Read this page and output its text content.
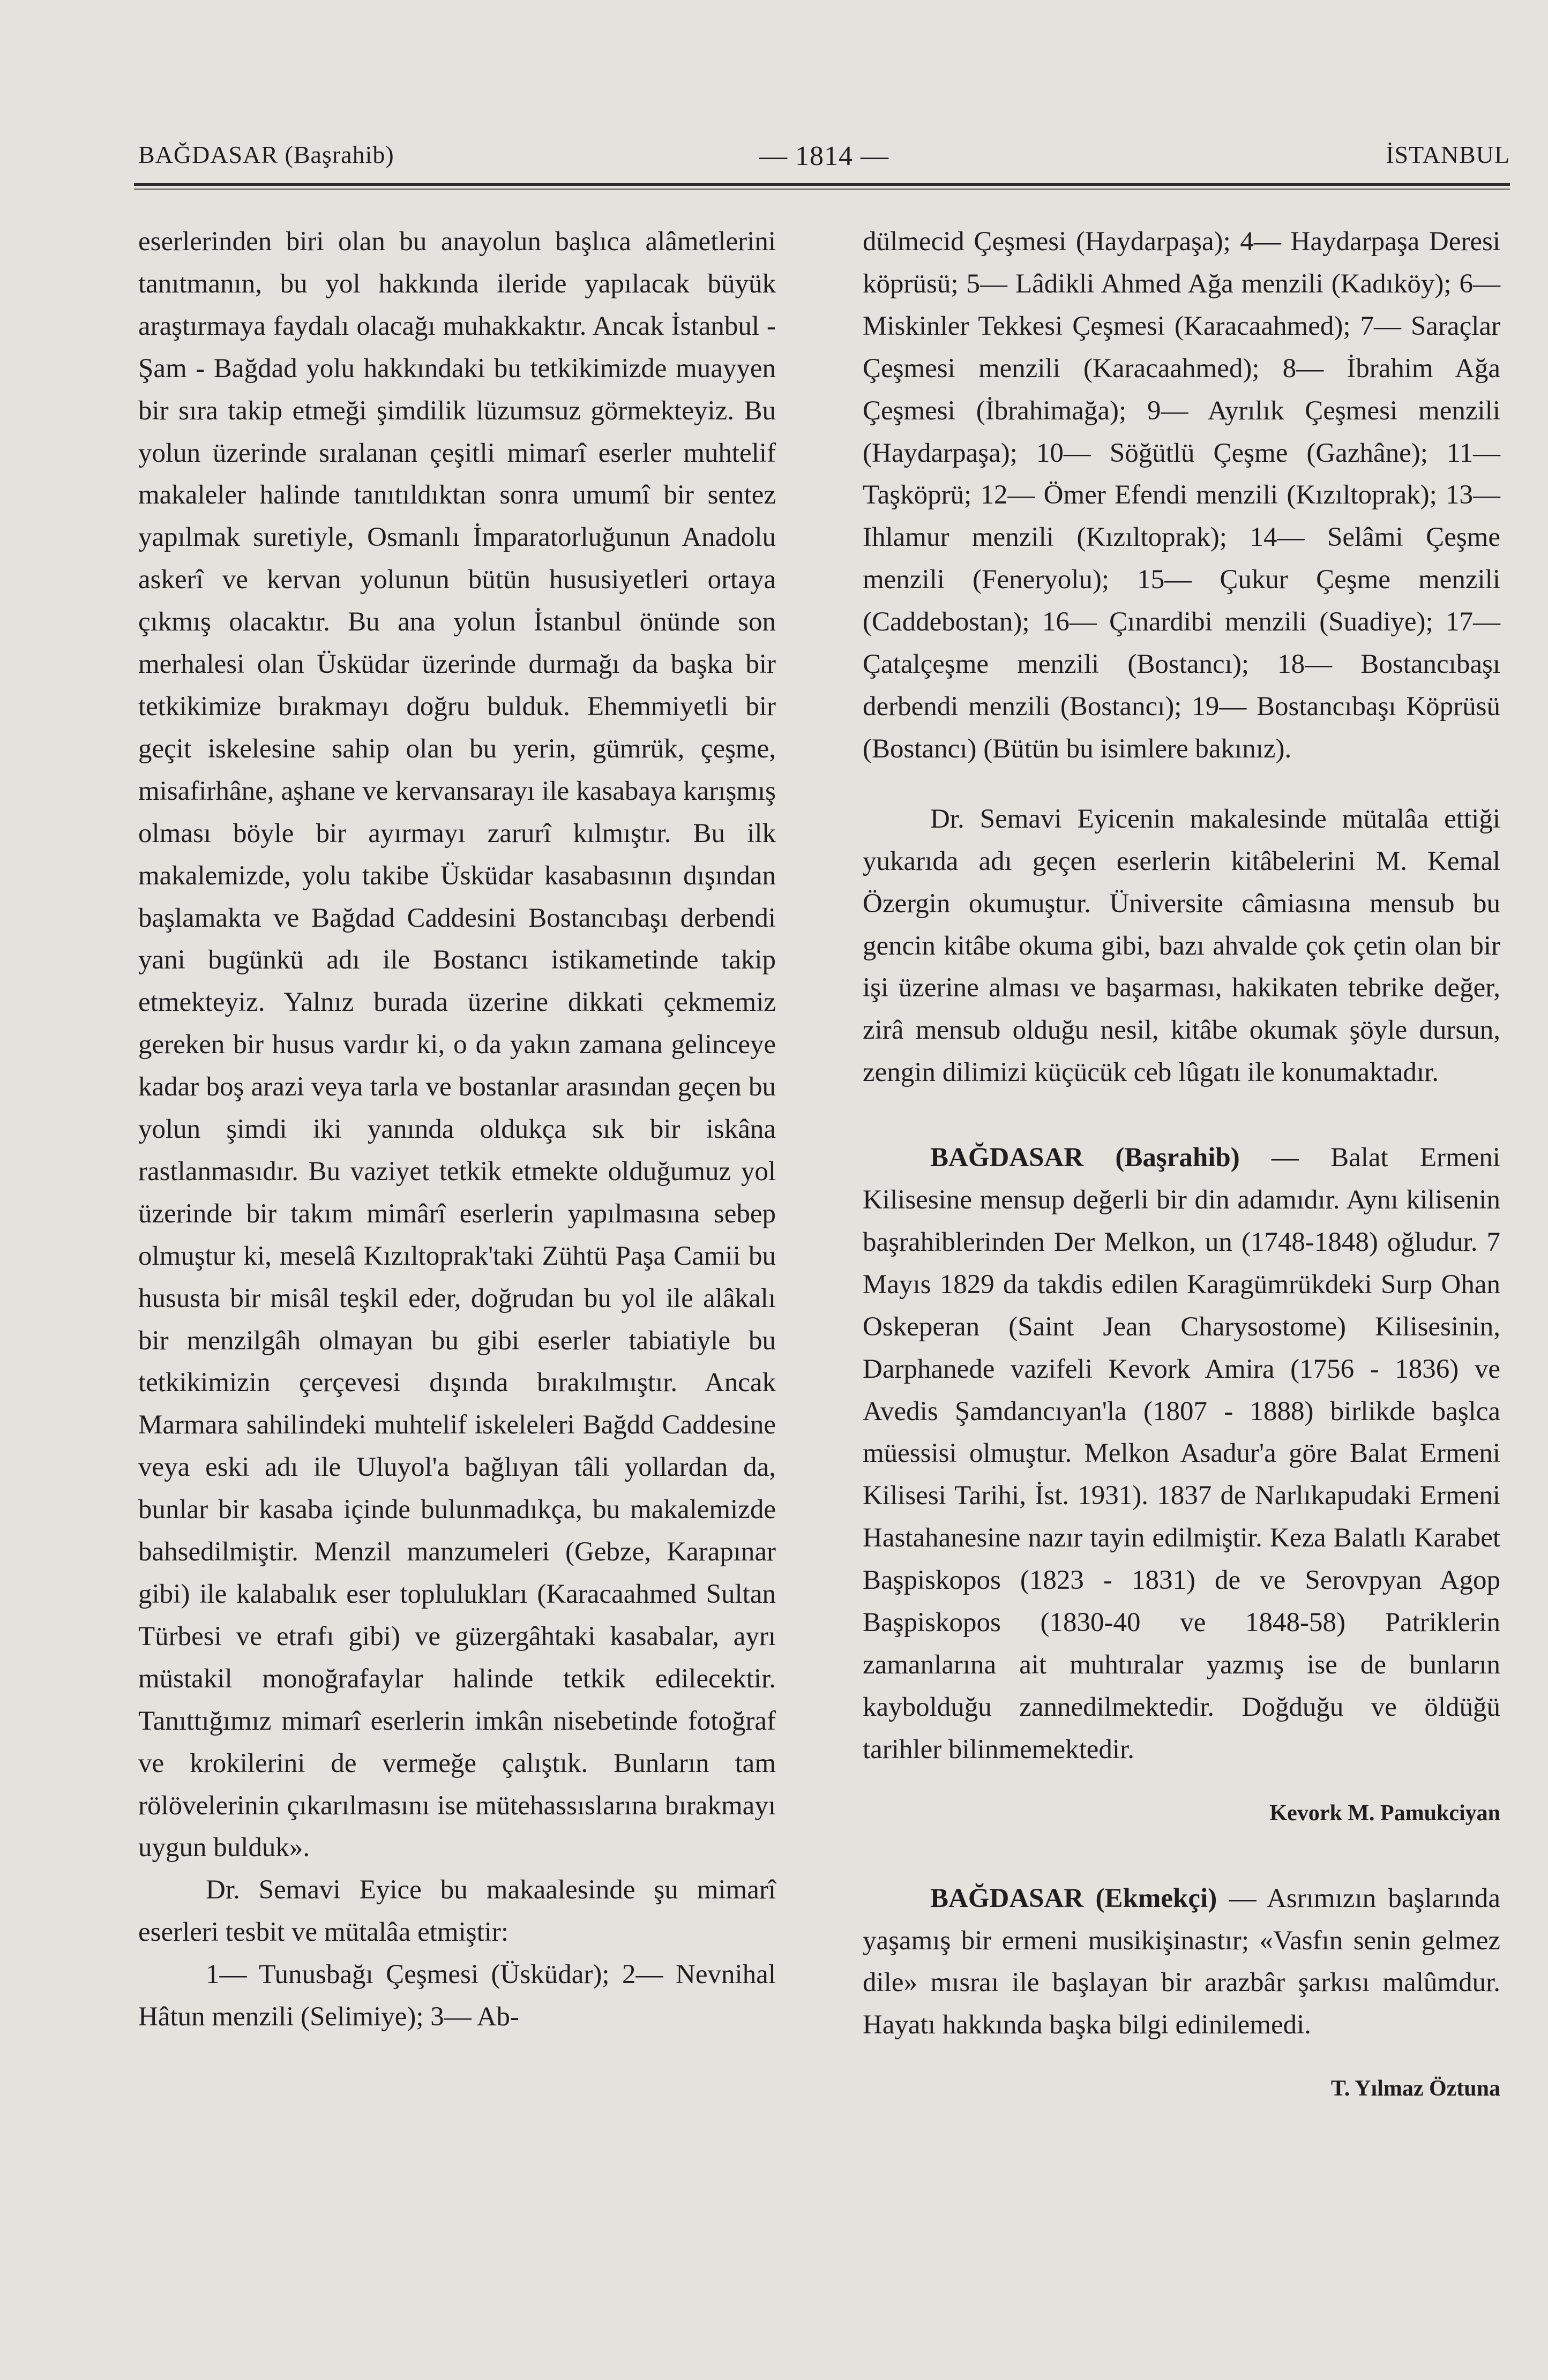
BAĞDASAR (Başrahib)	— 1814 —	İSTANBUL

eserlerinden biri olan bu anayolun başlıca alâmetlerini tanıtmanın, bu yol hakkında ileride yapılacak büyük araştırmaya faydalı olacağı muhakkaktır. Ancak İstanbul - Şam - Bağdad yolu hakkındaki bu tetkikimizde muayyen bir sıra takip etmeği şimdilik lüzumsuz görmekteyiz. Bu yolun üzerinde sıralanan çeşitli mimarî eserler muhtelif makaleler halinde tanıtıldıktan sonra umumî bir sentez yapılmak suretiyle, Osmanlı İmparatorluğunun Anadolu askerî ve kervan yolunun bütün hususiyetleri ortaya çıkmış olacaktır. Bu ana yolun İstanbul önünde son merhalesi olan Üsküdar üzerinde durmağı da başka bir tetkikimize bırakmayı doğru bulduk. Ehemmiyetli bir geçit iskelesine sahip olan bu yerin, gümrük, çeşme, misafirhâne, aşhane ve kervansarayı ile kasabaya karışmış olması böyle bir ayırmayı zarurî kılmıştır. Bu ilk makalemizde, yolu takibe Üsküdar kasabasının dışından başlamakta ve Bağdad Caddesini Bostancıbaşı derbendi yani bugünkü adı ile Bostancı istikametinde takip etmekteyiz. Yalnız burada üzerine dikkati çekmemiz gereken bir husus vardır ki, o da yakın zamana gelinceye kadar boş arazi veya tarla ve bostanlar arasından geçen bu yolun şimdi iki yanında oldukça sık bir iskâna rastlanmasıdır. Bu vaziyet tetkik etmekte olduğumuz yol üzerinde bir takım mimârî eserlerin yapılmasına sebep olmuştur ki, meselâ Kızıltoprak'taki Zühtü Paşa Camii bu hususta bir misâl teşkil eder, doğrudan bu yol ile alâkalı bir menzilgâh olmayan bu gibi eserler tabiatiyle bu tetkikimizin çerçevesi dışında bırakılmıştır. Ancak Marmara sahilindeki muhtelif iskeleleri Bağdd Caddesine veya eski adı ile Uluyol'a bağlıyan tâli yollardan da, bunlar bir kasaba içinde bulunmadıkça, bu makalemizde bahsedilmiştir. Menzil manzumeleri (Gebze, Karapınar gibi) ile kalabalık eser toplulukları (Karacaahmed Sultan Türbesi ve etrafı gibi) ve güzergâhtaki kasabalar, ayrı müstakil monoğrafaylar halinde tetkik edilecektir. Tanıttığımız mimarî eserlerin imkân nisebetinde fotoğraf ve krokilerini de vermeğe çalıştık. Bunların tam rölövelerinin çıkarılmasını ise mütehassıslarına bırakmayı uygun bulduk».

Dr. Semavi Eyice bu makaalesinde şu mimarî eserleri tesbit ve mütalâa etmiştir:

1— Tunusbağı Çeşmesi (Üsküdar); 2— Nevnihal Hâtun menzili (Selimiye); 3— Ab-

dülmecid Çeşmesi (Haydarpaşa); 4— Haydarpaşa Deresi köprüsü; 5— Lâdikli Ahmed Ağa menzili (Kadıköy); 6— Miskinler Tekkesi Çeşmesi (Karacaahmed); 7— Saraçlar Çeşmesi menzili (Karacaahmed); 8— İbrahim Ağa Çeşmesi (İbrahimağa); 9— Ayrılık Çeşmesi menzili (Haydarpaşa); 10— Söğütlü Çeşme (Gazhâne); 11— Taşköprü; 12— Ömer Efendi menzili (Kızıltoprak); 13— Ihlamur menzili (Kızıltoprak); 14— Selâmi Çeşme menzili (Feneryolu); 15— Çukur Çeşme menzili (Caddebostan); 16— Çınardibi menzili (Suadiye); 17— Çatalçeşme menzili (Bostancı); 18— Bostancıbaşı derbendi menzili (Bostancı); 19— Bostancıbaşı Köprüsü (Bostancı) (Bütün bu isimlere bakınız).

Dr. Semavi Eyicenin makalesinde mütalâa ettiği yukarıda adı geçen eserlerin kitâbelerini M. Kemal Özergin okumuştur. Üniversite câmiasına mensub bu gencin kitâbe okuma gibi, bazı ahvalde çok çetin olan bir işi üzerine alması ve başarması, hakikaten tebrike değer, zirâ mensub olduğu nesil, kitâbe okumak şöyle dursun, zengin dilimizi küçücük ceb lûgatı ile konumaktadır.

BAĞDASAR (Başrahib) — Balat Ermeni Kilisesine mensup değerli bir din adamıdır. Aynı kilisenin başrahiblerinden Der Melkon, un (1748-1848) oğludur. 7 Mayıs 1829 da takdis edilen Karagümrükdeki Surp Ohan Oskeperan (Saint Jean Charysostome) Kilisesinin, Darphanede vazifeli Kevork Amira (1756 - 1836) ve Avedis Şamdancıyan'la (1807 - 1888) birlikde başlca müessisi olmuştur. Melkon Asadur'a göre Balat Ermeni Kilisesi Tarihi, İst. 1931). 1837 de Narlıkapudaki Ermeni Hastahanesine nazır tayin edilmiştir. Keza Balatlı Karabet Başpiskopos (1823 - 1831) de ve Serovpyan Agop Başpiskopos (1830-40 ve 1848-58) Patriklerin zamanlarına ait muhtıralar yazmış ise de bunların kaybolduğu zannedilmektedir. Doğduğu ve öldüğü tarihler bilinmemektedir.

Kevork M. Pamukciyan

BAĞDASAR (Ekmekçi) — Asrımızın başlarında yaşamış bir ermeni musikişinastır; «Vasfın senin gelmez dile» mısraı ile başlayan bir arazbâr şarkısı malûmdur. Hayatı hakkında başka bilgi edinilemedi.

T. Yılmaz Öztuna
